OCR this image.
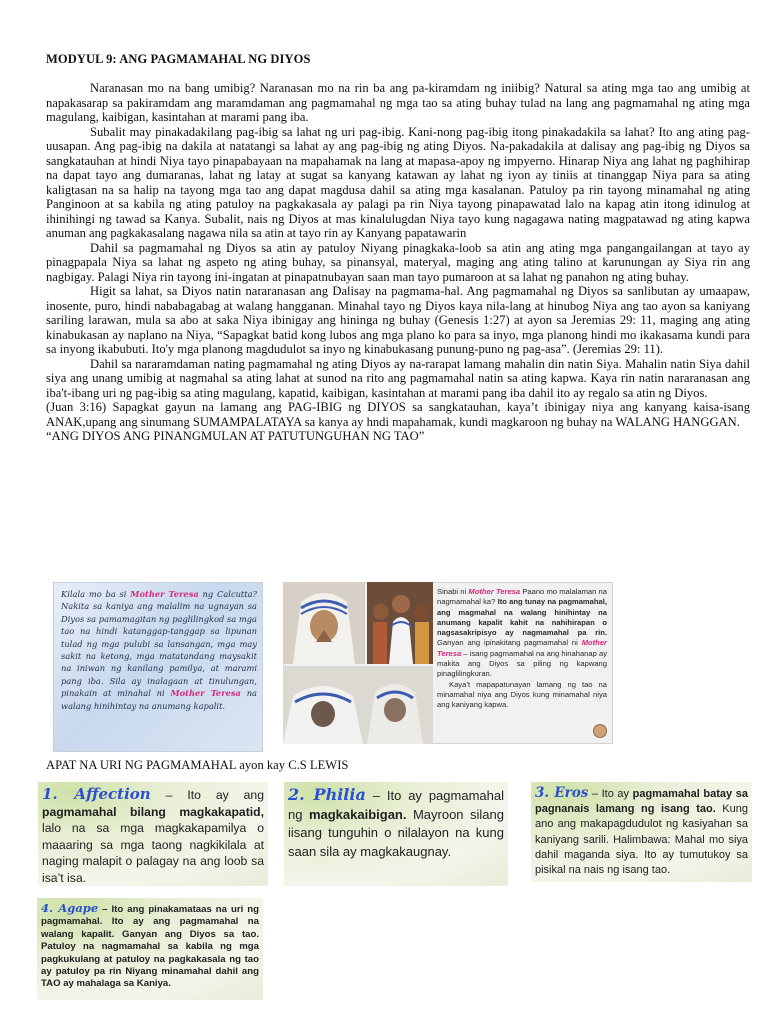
MODYUL 9: ANG PAGMAMAHAL NG DIYOS

Naranasan mo na bang umibig? Naranasan mo na rin ba ang pa-kiramdam ng iniibig? Natural sa ating mga tao ang umibig at napakasarap sa pakiramdam ang maramdaman ang pagmamahal ng mga tao sa ating buhay tulad na lang ang pagmamahal ng ating mga magulang, kaibigan, kasintahan at marami pang iba.

Subalit may pinakadakilang pag-ibig sa lahat ng uri pag-ibig. Kani-nong pag-ibig itong pinakadakila sa lahat? Ito ang ating pag-uusapan. Ang pag-ibig na dakila at natatangi sa lahat ay ang pag-ibig ng ating Diyos. Na-pakadakila at dalisay ang pag-ibig ng Diyos sa sangkatauhan at hindi Niya tayo pinapabayaan na mapahamak na lang at mapasa-apoy ng impyerno. Hinarap Niya ang lahat ng paghihirap na dapat tayo ang dumaranas, lahat ng latay at sugat sa kanyang katawan ay lahat ng iyon ay tiniis at tinanggap Niya para sa ating kaligtasan na sa halip na tayong mga tao ang dapat magdusa dahil sa ating mga kasalanan. Patuloy pa rin tayong minamahal ng ating Panginoon at sa kabila ng ating patuloy na pagkakasala ay palagi pa rin Niya tayong pinapawatad lalo na kapag atin itong idinulog at ihinihingi ng tawad sa Kanya. Subalit, nais ng Diyos at mas kinalulugdan Niya tayo kung nagagawa nating magpatawad ng ating kapwa anuman ang pagkakasalang nagawa nila sa atin at tayo rin ay Kanyang papatawarin

Dahil sa pagmamahal ng Diyos sa atin ay patuloy Niyang pinagkaka-loob sa atin ang ating mga pangangailangan at tayo ay pinagpapala Niya sa lahat ng aspeto ng ating buhay, sa pinansyal, materyal, maging ang ating talino at karunungan ay Siya rin ang nagbigay. Palagi Niya rin tayong ini-ingatan at pinapatnubayan saan man tayo pumaroon at sa lahat ng panahon ng ating buhay.

Higit sa lahat, sa Diyos natin nararanasan ang Dalisay na pagmama-hal. Ang pagmamahal ng Diyos sa sanlibutan ay umaapaw, inosente, puro, hindi nababagabag at walang hangganan. Minahal tayo ng Diyos kaya nila-lang at hinubog Niya ang tao ayon sa kaniyang sariling larawan, mula sa abo at saka Niya ibinigay ang hininga ng buhay (Genesis 1:27) at ayon sa Jeremias 29: 11, maging ang ating kinabukasan ay naplano na Niya, “Sapagkat batid kong lubos ang mga plano ko para sa inyo, mga planong hindi mo ikakasama kundi para sa inyong ikabubuti. Ito'y mga planong magdudulot sa inyo ng kinabukasang punung-puno ng pag-asa”. (Jeremias 29: 11).

Dahil sa nararamdaman nating pagmamahal ng ating Diyos ay na-rarapat lamang mahalin din natin Siya. Mahalin natin Siya dahil siya ang unang umibig at nagmahal sa ating lahat at sunod na rito ang pagmamahal natin sa ating kapwa. Kaya rin natin nararanasan ang iba't-ibang uri ng pag-ibig sa ating magulang, kapatid, kaibigan, kasintahan at marami pang iba dahil ito ay regalo sa atin ng Diyos.

(Juan 3:16) Sapagkat gayun na lamang ang PAG-IBIG ng DIYOS sa sangkatauhan, kaya’t ibinigay niya ang kanyang kaisa-isang ANAK,upang ang sinumang SUMAMPALATAYA sa kanya ay hndi mapahamak, kundi magkaroon ng buhay na WALANG HANGGAN.

“ANG DIYOS ANG PINANGMULAN AT PATUTUNGUHAN NG TAO”

Kilala mo ba si Mother Teresa ng Calcutta? Nakita sa kaniya ang malalim na ugnayan sa Diyos sa pamamagitan ng paglilingkod sa mga tao na hindi katanggap-tanggap sa lipunan tulad ng mga pulubi sa lansangan, mga may sakit na ketong, mga matatandang maysakit na iniwan ng kanilang pamilya, at marami pang iba. Sila ay inalagaan at tinulungan, pinakain at minahal ni Mother Teresa na walang hinihintay na anumang kapalit.
Sinabi ni Mother Teresa Paano mo malalaman na nagmamahal ka? Ito ang tunay na pagmamahal, ang magmahal na walang hinihintay na anumang kapalit kahit na nahihirapan o nagsasakripisyo ay nagmamahal pa rin. Ganyan ang ipinakitang pagmamahal ni Mother Teresa – isang pagmamahal na ang hinahanap ay makita ang Diyos sa piling ng kapwang pinaglilingkuran.
Kaya’t mapapatunayan lamang ng tao na minamahal niya ang Diyos kung minamahal niya ang kaniyang kapwa.
APAT NA URI NG PAGMAMAHAL ayon kay C.S LEWIS
1. Affection – Ito ay ang pagmamahal bilang magkakapatid, lalo na sa mga magkakapamilya o maaaring sa mga taong nagkikilala at naging malapit o palagay na ang loob sa isa’t isa.
2. Philia – Ito ay pagmamahal ng magkakaibigan. Mayroon silang iisang tunguhin o nilalayon na kung saan sila ay magkakaugnay.
3. Eros – Ito ay pagmamahal batay sa pagnanais lamang ng isang tao. Kung ano ang makapagdudulot ng kasiyahan sa kaniyang sarili. Halimbawa: Mahal mo siya dahil maganda siya. Ito ay tumutukoy sa pisikal na nais ng isang tao.
4. Agape – Ito ang pinakamataas na uri ng pagmamahal. Ito ay ang pagmamahal na walang kapalit. Ganyan ang Diyos sa tao. Patuloy na nagmamahal sa kabila ng mga pagkukulang at patuloy na pagkakasala ng tao ay patuloy pa rin Niyang minamahal dahil ang TAO ay mahalaga sa Kaniya.
